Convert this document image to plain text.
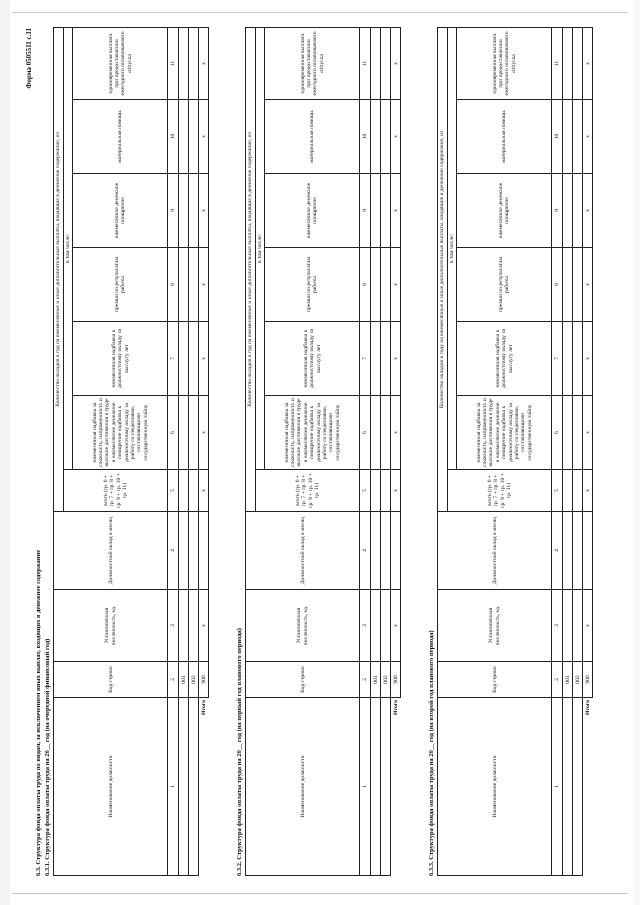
Форма 0505511 с.11
6.3. Структура фонда оплаты труда по видам, за исключением иных выплат, входящих в денежное содержание 6.3.1. Структура фонда оплаты труда на 20__ год (на очередной финансовый год)	Наименование должности	Код строки	Установленная численность, ед.	Должностной оклад в месяц	Количество окладов в год на ежемесячные и иные дополнительные выплаты, входящие в денежное содержание, из						
				всего (гр. 6 + гр. 7 + гр. 8 + гр. 9 + гр. 10 + гр. 11)	в том числе:					
					ежемесячная надбавка за сложность, напряженность и высокие достижения в труде и ежемесячное денежное поощрение надбавка к должностному окладу за работу со сведениями, составляющими государственную тайну	ежемесячная надбавка к должностному окладу за выслугу лет	премии по результатам работы	ежемесячное денежное поощрение	материальная помощь	единовременная выплата при предоставлении ежегодного оплачиваемого отпуска
1	2	3	4	5	6	7	8	9	10	11
	001									
	002									
Итого	900	x		x	x	x	x	x	x	x
6.3.2. Структура фонда оплаты труда на 20__ год (на первый год планового периода)	Наименование должности	Код строки	Установленная численность, ед.	Должностной оклад в месяц	Количество окладов в год на ежемесячные и иные дополнительные выплаты, входящие в денежное содержание, из						
				всего (гр. 6 + гр. 7 + гр. 8 + гр. 9 + гр. 10 + гр. 11)	в том числе:					
					ежемесячная надбавка за сложность, напряженность и высокие достижения в труде и ежемесячное денежное поощрение надбавка к должностному окладу за работу со сведениями, составляющими государственную тайну	ежемесячная надбавка к должностному окладу за выслугу лет	премии по результатам работы	ежемесячное денежное поощрение	материальная помощь	единовременная выплата при предоставлении ежегодного оплачиваемого отпуска
1	2	3	4	5	6	7	8	9	10	11
	001									
	002									
Итого	900	x		x	x	x	x	x	x	x
6.3.3. Структура фонда оплаты труда на 20__ год (на второй год планового периода)	Наименование должности	Код строки	Установленная численность, ед.	Должностной оклад в месяц	Количество окладов в году на ежемесячные и иные дополнительные выплаты, входящие в денежное содержание, из						
				всего (гр. 6 + гр. 7 + гр. 8 + гр. 9 + гр. 10 + гр. 11)	в том числе:					
					ежемесячная надбавка за сложность, напряженность и высокие достижения в труде и ежемесячное денежное поощрение надбавка к должностному окладу за работу со сведениями, составляющими государственную тайну	ежемесячная надбавка к должностному окладу за выслугу лет	премии по результатам работы	ежемесячное денежное поощрение	материальная помощь	единовременная выплата при предоставлении ежегодного оплачиваемого отпуска
1	2	3	4	5	6	7	8	9	10	11
	001									
	002									
Итого	900	x		x	x	x	x	x	x	x
